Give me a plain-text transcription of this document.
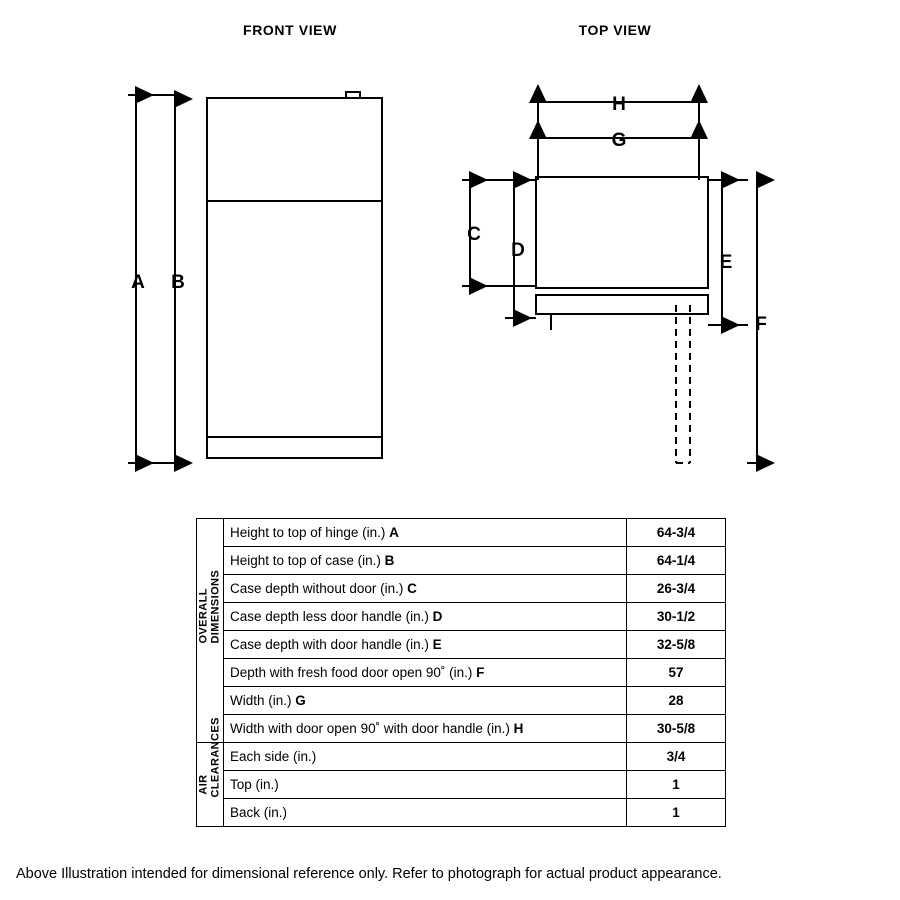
FRONT VIEW	TOP VIEW
A B
H
G
C
D
E
F
OVERALL
DIMENSIONS	Height to top of hinge (in.) A	64-3/4
	Height to top of case (in.) B	64-1/4
	Case depth without door (in.) C	26-3/4
	Case depth less door handle (in.) D	30-1/2
	Case depth with door handle (in.) E	32-5/8
	Depth with fresh food door open 90˚ (in.) F	57
	Width (in.) G	28
	Width with door open 90˚ with door handle (in.) H	30-5/8

AIR
CLEARANCES	Each side (in.)	3/4
	Top (in.)	1
	Back (in.)	1
Above Illustration intended for dimensional reference only. Refer to photograph for actual product appearance.
